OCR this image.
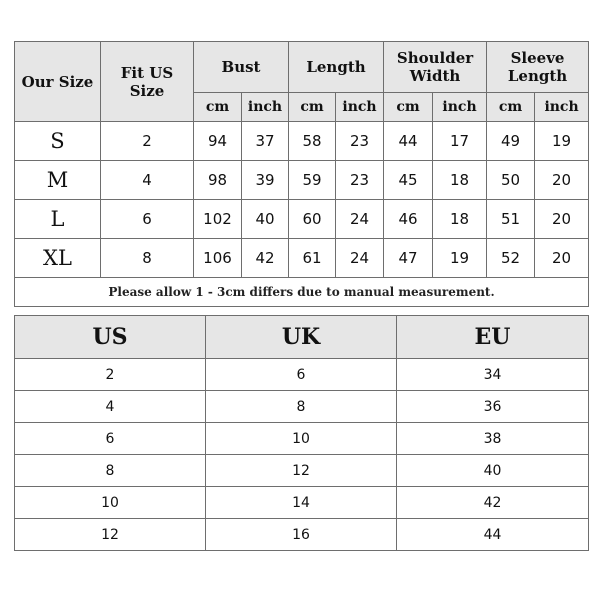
Our Size	Fit US Size	Bust		Length		Shoulder Width		Sleeve Length	
		cm	inch	cm	inch	cm	inch	cm	inch
S	2	94	37	58	23	44	17	49	19
M	4	98	39	59	23	45	18	50	20
L	6	102	40	60	24	46	18	51	20
XL	8	106	42	61	24	47	19	52	20
Please allow 1 - 3cm differs due to manual measurement.									
US	UK	EU
2	6	34
4	8	36
6	10	38
8	12	40
10	14	42
12	16	44
